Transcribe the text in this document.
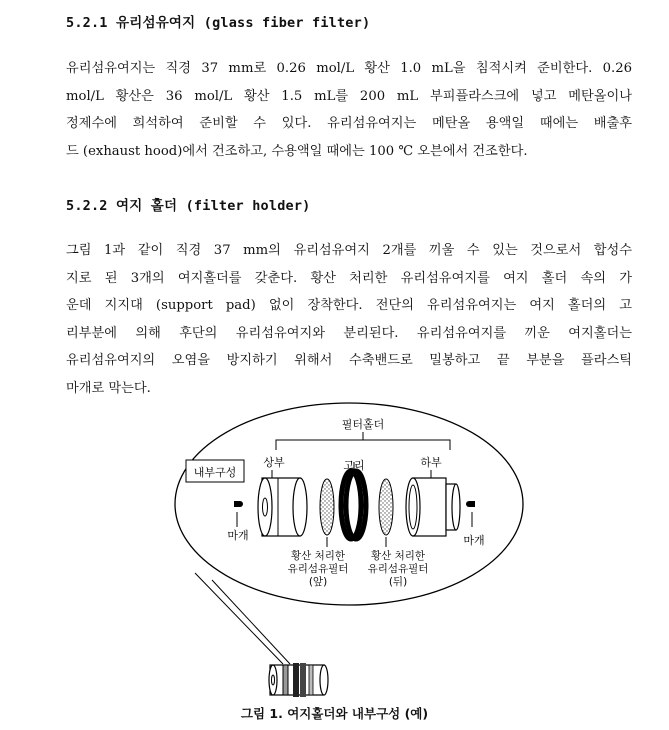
5.2.1 유리섬유여지 (glass fiber filter)
유리섬유여지는 직경 37 mm로 0.26 mol/L 황산 1.0 mL을 침적시켜 준비한다. 0.26
mol/L 황산은 36 mol/L 황산 1.5 mL를 200 mL 부피플라스크에 넣고 메탄올이나
정제수에 희석하여 준비할 수 있다. 유리섬유여지는 메탄올 용액일 때에는 배출후
드 (exhaust hood)에서 건조하고, 수용액일 때에는 100 ℃ 오븐에서 건조한다.
5.2.2 여지 홀더 (filter holder)
그림 1과 같이 직경 37 mm의 유리섬유여지 2개를 끼울 수 있는 것으로서 합성수
지로 된 3개의 여지홀더를 갖춘다. 황산 처리한 유리섬유여지를 여지 홀더 속의 가
운데 지지대 (support pad) 없이 장착한다. 전단의 유리섬유여지는 여지 홀더의 고
리부분에 의해 후단의 유리섬유여지와 분리된다. 유리섬유여지를 끼운 여지홀더는
유리섬유여지의 오염을 방지하기 위해서 수축밴드로 밀봉하고 끝 부분을 플라스틱
마개로 막는다.
필터홀더
내부구성
상부	고리	하부
마개	마개
황산 처리한
유리섬유필터
(앞)
황산 처리한
유리섬유필터
(뒤)
그림 1. 여지홀더와 내부구성 (예)
